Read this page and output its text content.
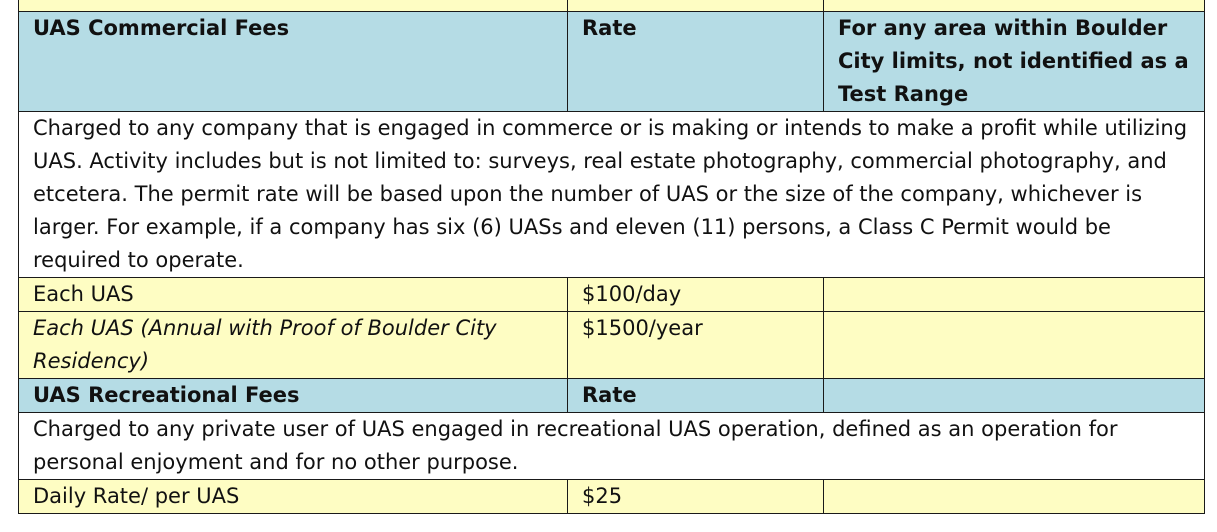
UAS Commercial Fees	Rate	For any area within Boulder City limits, not identified as a Test Range
Charged to any company that is engaged in commerce or is making or intends to make a profit while utilizing UAS. Activity includes but is not limited to: surveys, real estate photography, commercial photography, and etcetera. The permit rate will be based upon the number of UAS or the size of the company, whichever is larger. For example, if a company has six (6) UASs and eleven (11) persons, a Class C Permit would be required to operate.		
Each UAS	$100/day	
Each UAS (Annual with Proof of Boulder City Residency)	$1500/year	
UAS Recreational Fees	Rate	
Charged to any private user of UAS engaged in recreational UAS operation, defined as an operation for personal enjoyment and for no other purpose.		
Daily Rate/ per UAS	$25	
